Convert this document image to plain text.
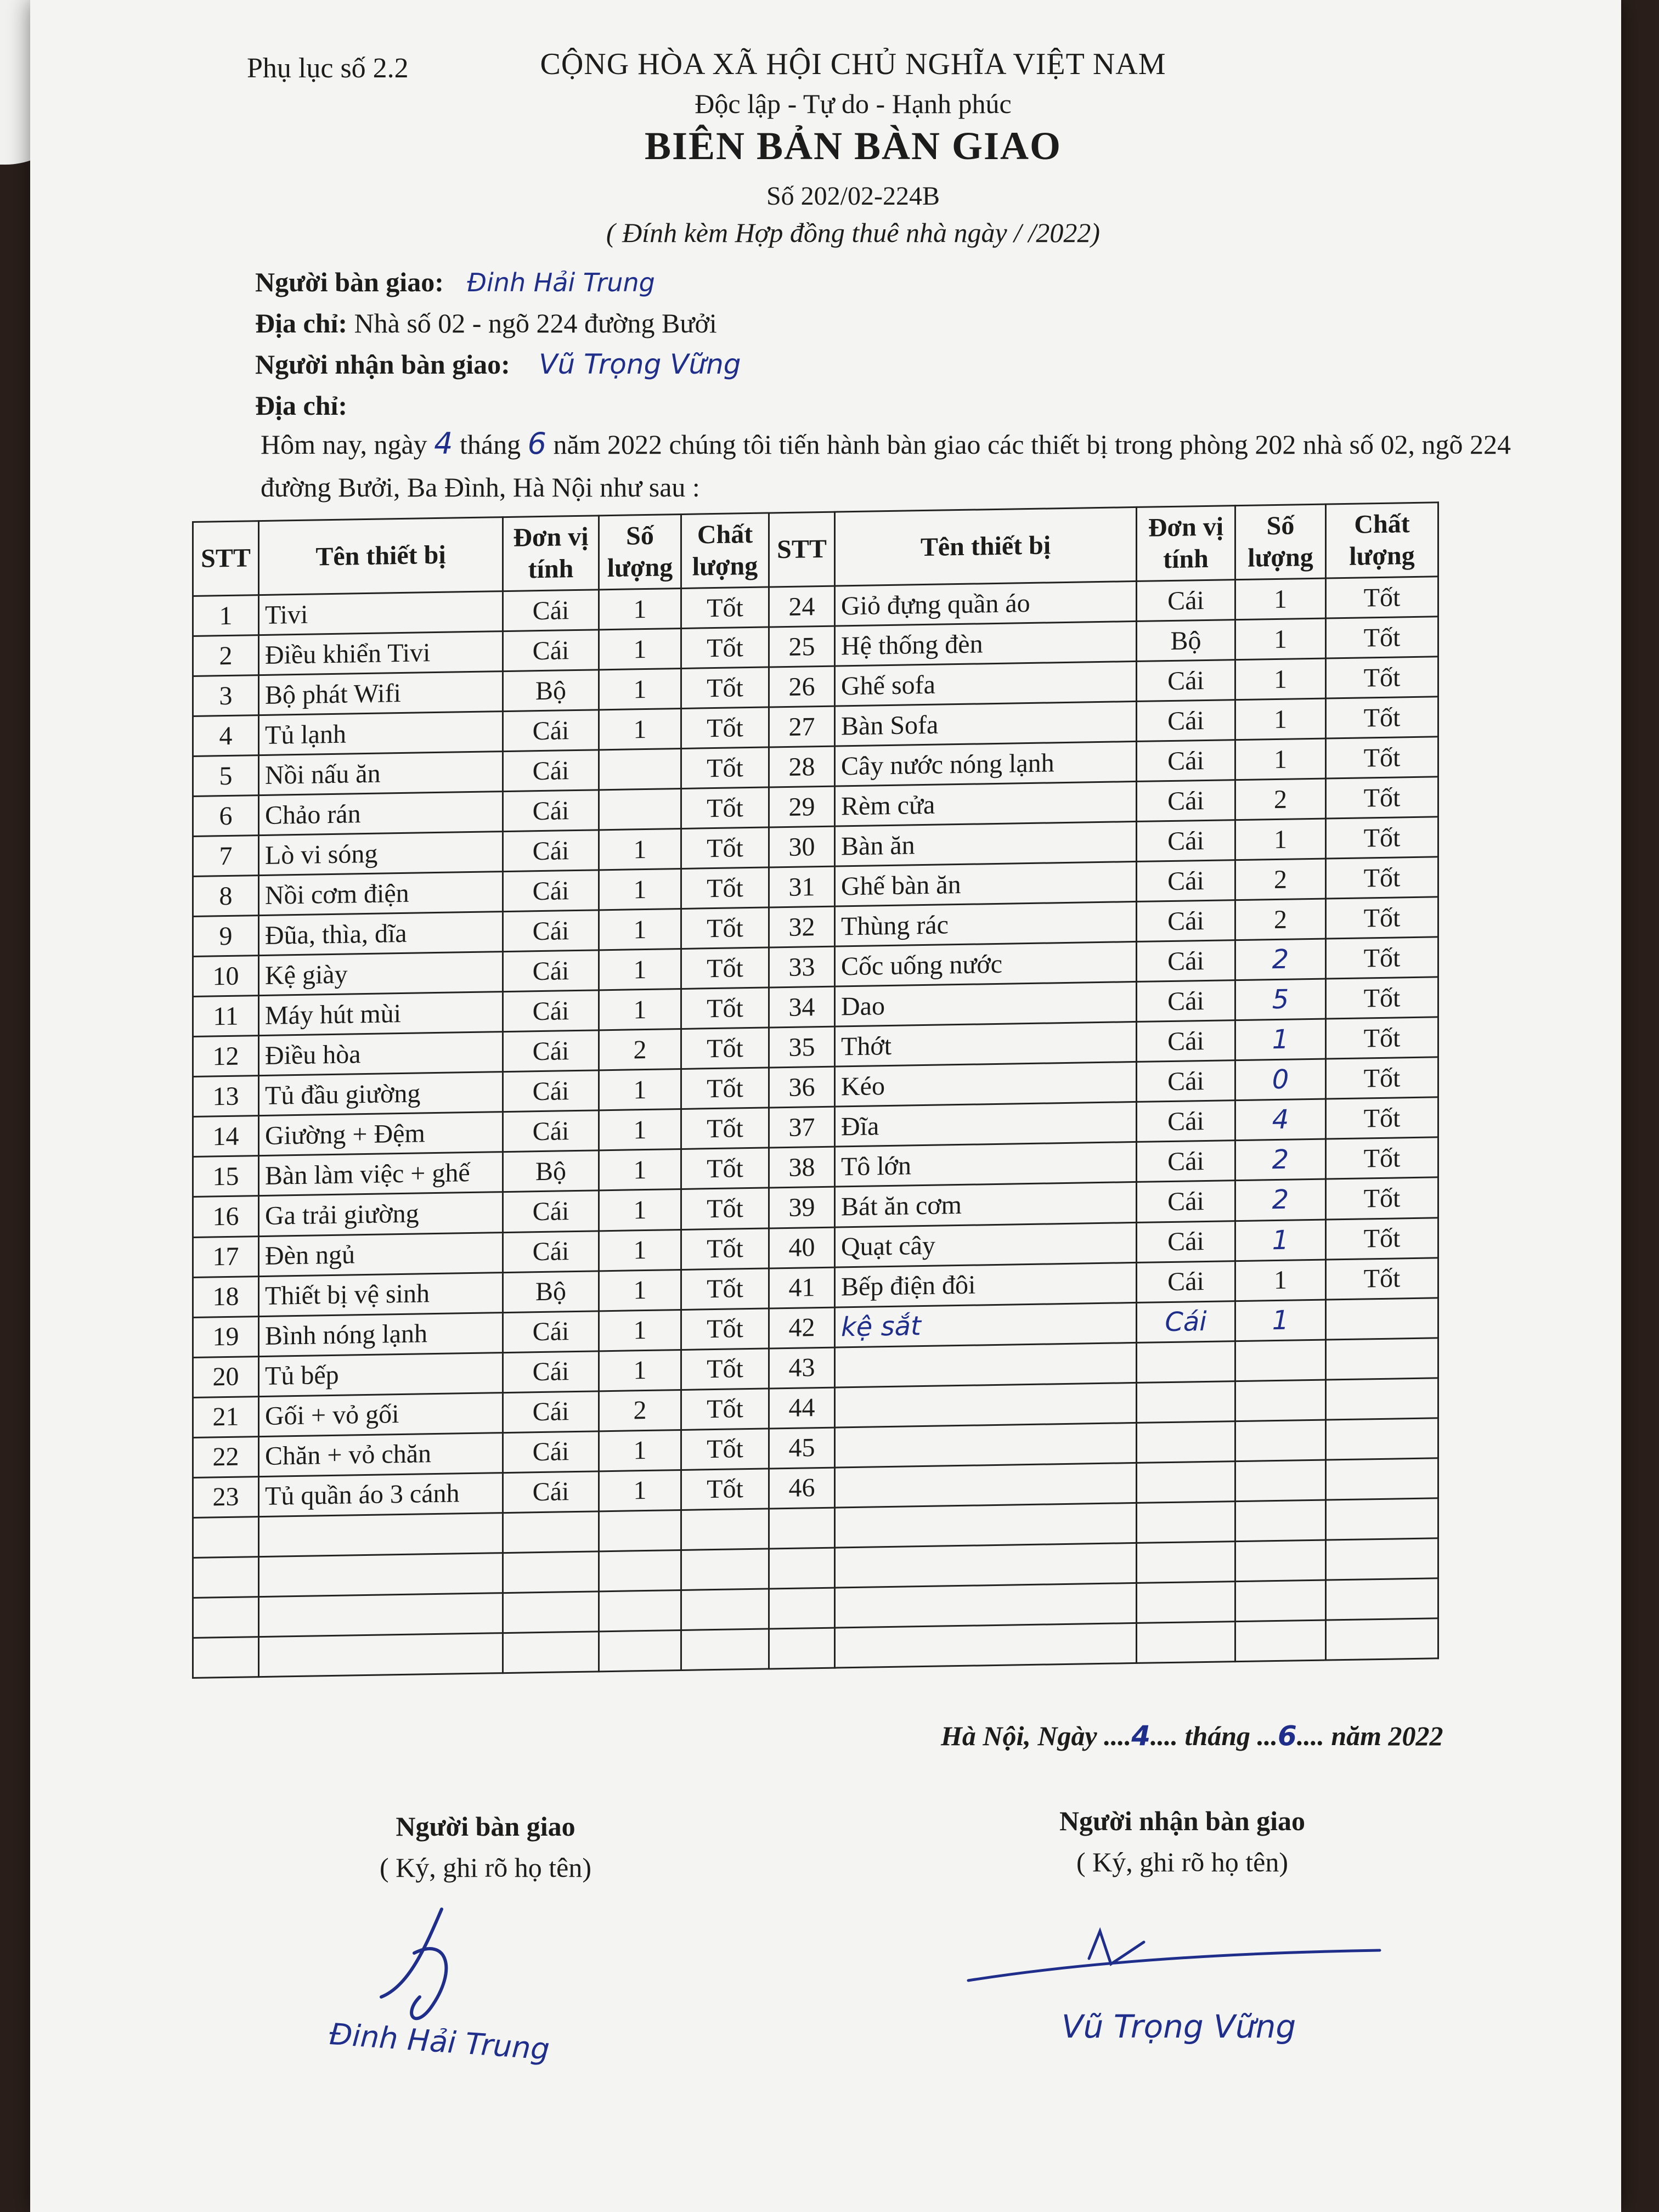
Phụ lục số 2.2	CỘNG HÒA XÃ HỘI CHỦ NGHĨA VIỆT NAM
Độc lập - Tự do - Hạnh phúc
BIÊN BẢN BÀN GIAO
Số 202/02-224B
( Đính kèm Hợp đồng thuê nhà ngày / /2022)
Người bàn giao: Đinh Hải Trung
Địa chỉ: Nhà số 02 - ngõ 224 đường Bưởi
Người nhận bàn giao: Vũ Trọng Vững
Địa chỉ:
Hôm nay, ngày 4 tháng 6 năm 2022 chúng tôi tiến hành bàn giao các thiết bị trong phòng 202 nhà số 02, ngõ 224 đường Bưởi, Ba Đình, Hà Nội như sau :
STT	Tên thiết bị	Đơn vị tính	Số lượng	Chất lượng	STT	Tên thiết bị	Đơn vị tính	Số lượng	Chất lượng
1	Tivi	Cái	1	Tốt	24	Giỏ đựng quần áo	Cái	1	Tốt
2	Điều khiển Tivi	Cái	1	Tốt	25	Hệ thống đèn	Bộ	1	Tốt
3	Bộ phát Wifi	Bộ	1	Tốt	26	Ghế sofa	Cái	1	Tốt
4	Tủ lạnh	Cái	1	Tốt	27	Bàn Sofa	Cái	1	Tốt
5	Nồi nấu ăn	Cái		Tốt	28	Cây nước nóng lạnh	Cái	1	Tốt
6	Chảo rán	Cái		Tốt	29	Rèm cửa	Cái	2	Tốt
7	Lò vi sóng	Cái	1	Tốt	30	Bàn ăn	Cái	1	Tốt
8	Nồi cơm điện	Cái	1	Tốt	31	Ghế bàn ăn	Cái	2	Tốt
9	Đũa, thìa, dĩa	Cái	1	Tốt	32	Thùng rác	Cái	2	Tốt
10	Kệ giày	Cái	1	Tốt	33	Cốc uống nước	Cái	2	Tốt
11	Máy hút mùi	Cái	1	Tốt	34	Dao	Cái	5	Tốt
12	Điều hòa	Cái	2	Tốt	35	Thớt	Cái	1	Tốt
13	Tủ đầu giường	Cái	1	Tốt	36	Kéo	Cái	0	Tốt
14	Giường + Đệm	Cái	1	Tốt	37	Đĩa	Cái	4	Tốt
15	Bàn làm việc + ghế	Bộ	1	Tốt	38	Tô lớn	Cái	2	Tốt
16	Ga trải giường	Cái	1	Tốt	39	Bát ăn cơm	Cái	2	Tốt
17	Đèn ngủ	Cái	1	Tốt	40	Quạt cây	Cái	1	Tốt
18	Thiết bị vệ sinh	Bộ	1	Tốt	41	Bếp điện đôi	Cái	1	Tốt
19	Bình nóng lạnh	Cái	1	Tốt	42	kệ sắt	Cái	1	
20	Tủ bếp	Cái	1	Tốt	43				
21	Gối + vỏ gối	Cái	2	Tốt	44				
22	Chăn + vỏ chăn	Cái	1	Tốt	45				
23	Tủ quần áo 3 cánh	Cái	1	Tốt	46				

Hà Nội, Ngày ....4.... tháng ...6.... năm 2022
Người bàn giao
( Ký, ghi rõ họ tên)
Người nhận bàn giao
( Ký, ghi rõ họ tên)
Đinh Hải Trung	Vũ Trọng Vững
